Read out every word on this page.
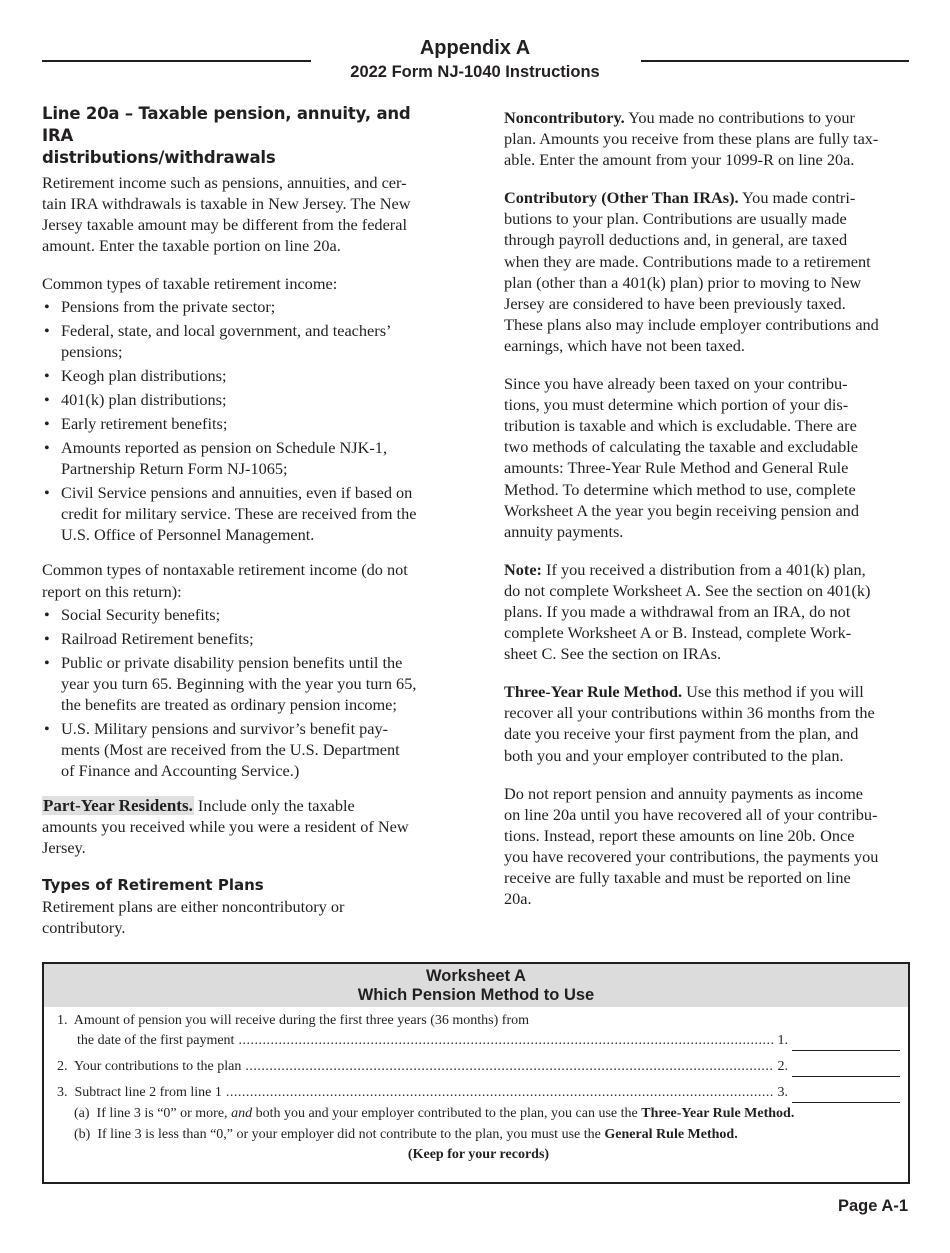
Appendix A
2022 Form NJ-1040 Instructions
Line 20a – Taxable pension, annuity, and IRA
distributions/withdrawals

Retirement income such as pensions, annuities, and cer-
tain IRA withdrawals is taxable in New Jersey. The New
Jersey taxable amount may be different from the federal
amount. Enter the taxable portion on line 20a.

Common types of taxable retirement income:

• Pensions from the private sector;
• Federal, state, and local government, and teachers’
pensions;
• Keogh plan distributions;
• 401(k) plan distributions;
• Early retirement benefits;
• Amounts reported as pension on Schedule NJK-1,
Partnership Return Form NJ-1065;
• Civil Service pensions and annuities, even if based on
credit for military service. These are received from the
U.S. Office of Personnel Management.

Common types of nontaxable retirement income (do not
report on this return):

• Social Security benefits;
• Railroad Retirement benefits;
• Public or private disability pension benefits until the
year you turn 65. Beginning with the year you turn 65,
the benefits are treated as ordinary pension income;
• U.S. Military pensions and survivor’s benefit pay-
ments (Most are received from the U.S. Department
of Finance and Accounting Service.)

Part-Year Residents. Include only the taxable
amounts you received while you were a resident of New
Jersey.

Types of Retirement Plans

Retirement plans are either noncontributory or
contributory.

Noncontributory. You made no contributions to your
plan. Amounts you receive from these plans are fully tax-
able. Enter the amount from your 1099-R on line 20a.

Contributory (Other Than IRAs). You made contri-
butions to your plan. Contributions are usually made
through payroll deductions and, in general, are taxed
when they are made. Contributions made to a retirement
plan (other than a 401(k) plan) prior to moving to New
Jersey are considered to have been previously taxed.
These plans also may include employer contributions and
earnings, which have not been taxed.

Since you have already been taxed on your contribu-
tions, you must determine which portion of your dis-
tribution is taxable and which is excludable. There are
two methods of calculating the taxable and excludable
amounts: Three-Year Rule Method and General Rule
Method. To determine which method to use, complete
Worksheet A the year you begin receiving pension and
annuity payments.

Note: If you received a distribution from a 401(k) plan,
do not complete Worksheet A. See the section on 401(k)
plans. If you made a withdrawal from an IRA, do not
complete Worksheet A or B. Instead, complete Work-
sheet C. See the section on IRAs.

Three-Year Rule Method. Use this method if you will
recover all your contributions within 36 months from the
date you receive your first payment from the plan, and
both you and your employer contributed to the plan.

Do not report pension and annuity payments as income
on line 20a until you have recovered all of your contribu-
tions. Instead, report these amounts on line 20b. Once
you have recovered your contributions, the payments you
receive are fully taxable and must be reported on line
20a.

Worksheet A
Which Pension Method to Use
1.  Amount of pension you will receive during the first three years (36 months) from
the date of the first payment .....	1.
2.  Your contributions to the plan .....	2.
3.  Subtract line 2 from line 1 .....	3.
(a)  If line 3 is “0” or more, and both you and your employer contributed to the plan, you can use the Three-Year Rule Method.
(b)  If line 3 is less than “0,” or your employer did not contribute to the plan, you must use the General Rule Method.
(Keep for your records)
Page A-1
